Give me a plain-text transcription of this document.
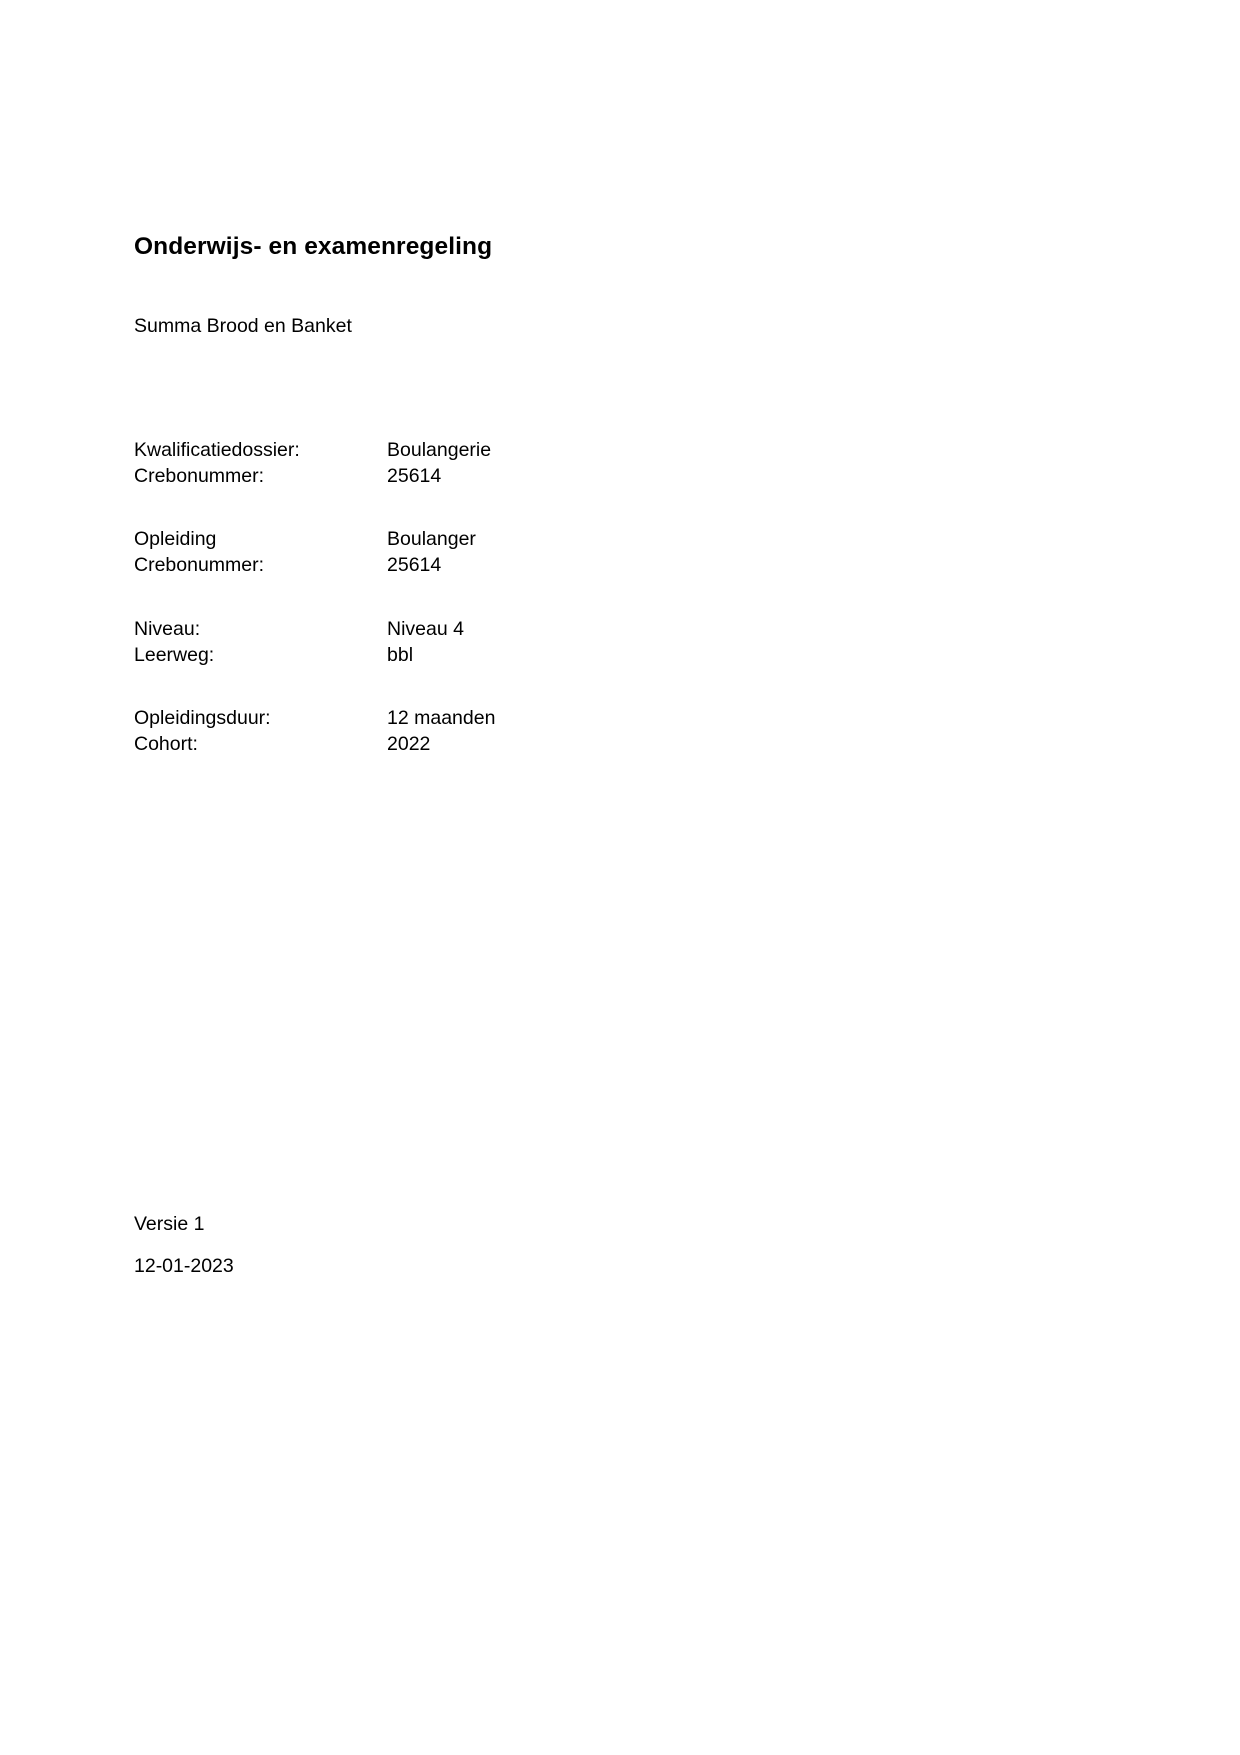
Onderwijs- en examenregeling
Summa Brood en Banket
Kwalificatiedossier:	Boulangerie
Crebonummer:	25614
Opleiding	Boulanger
Crebonummer:	25614
Niveau:	Niveau 4
Leerweg:	bbl
Opleidingsduur:	12 maanden
Cohort:	2022
Versie 1
12-01-2023
